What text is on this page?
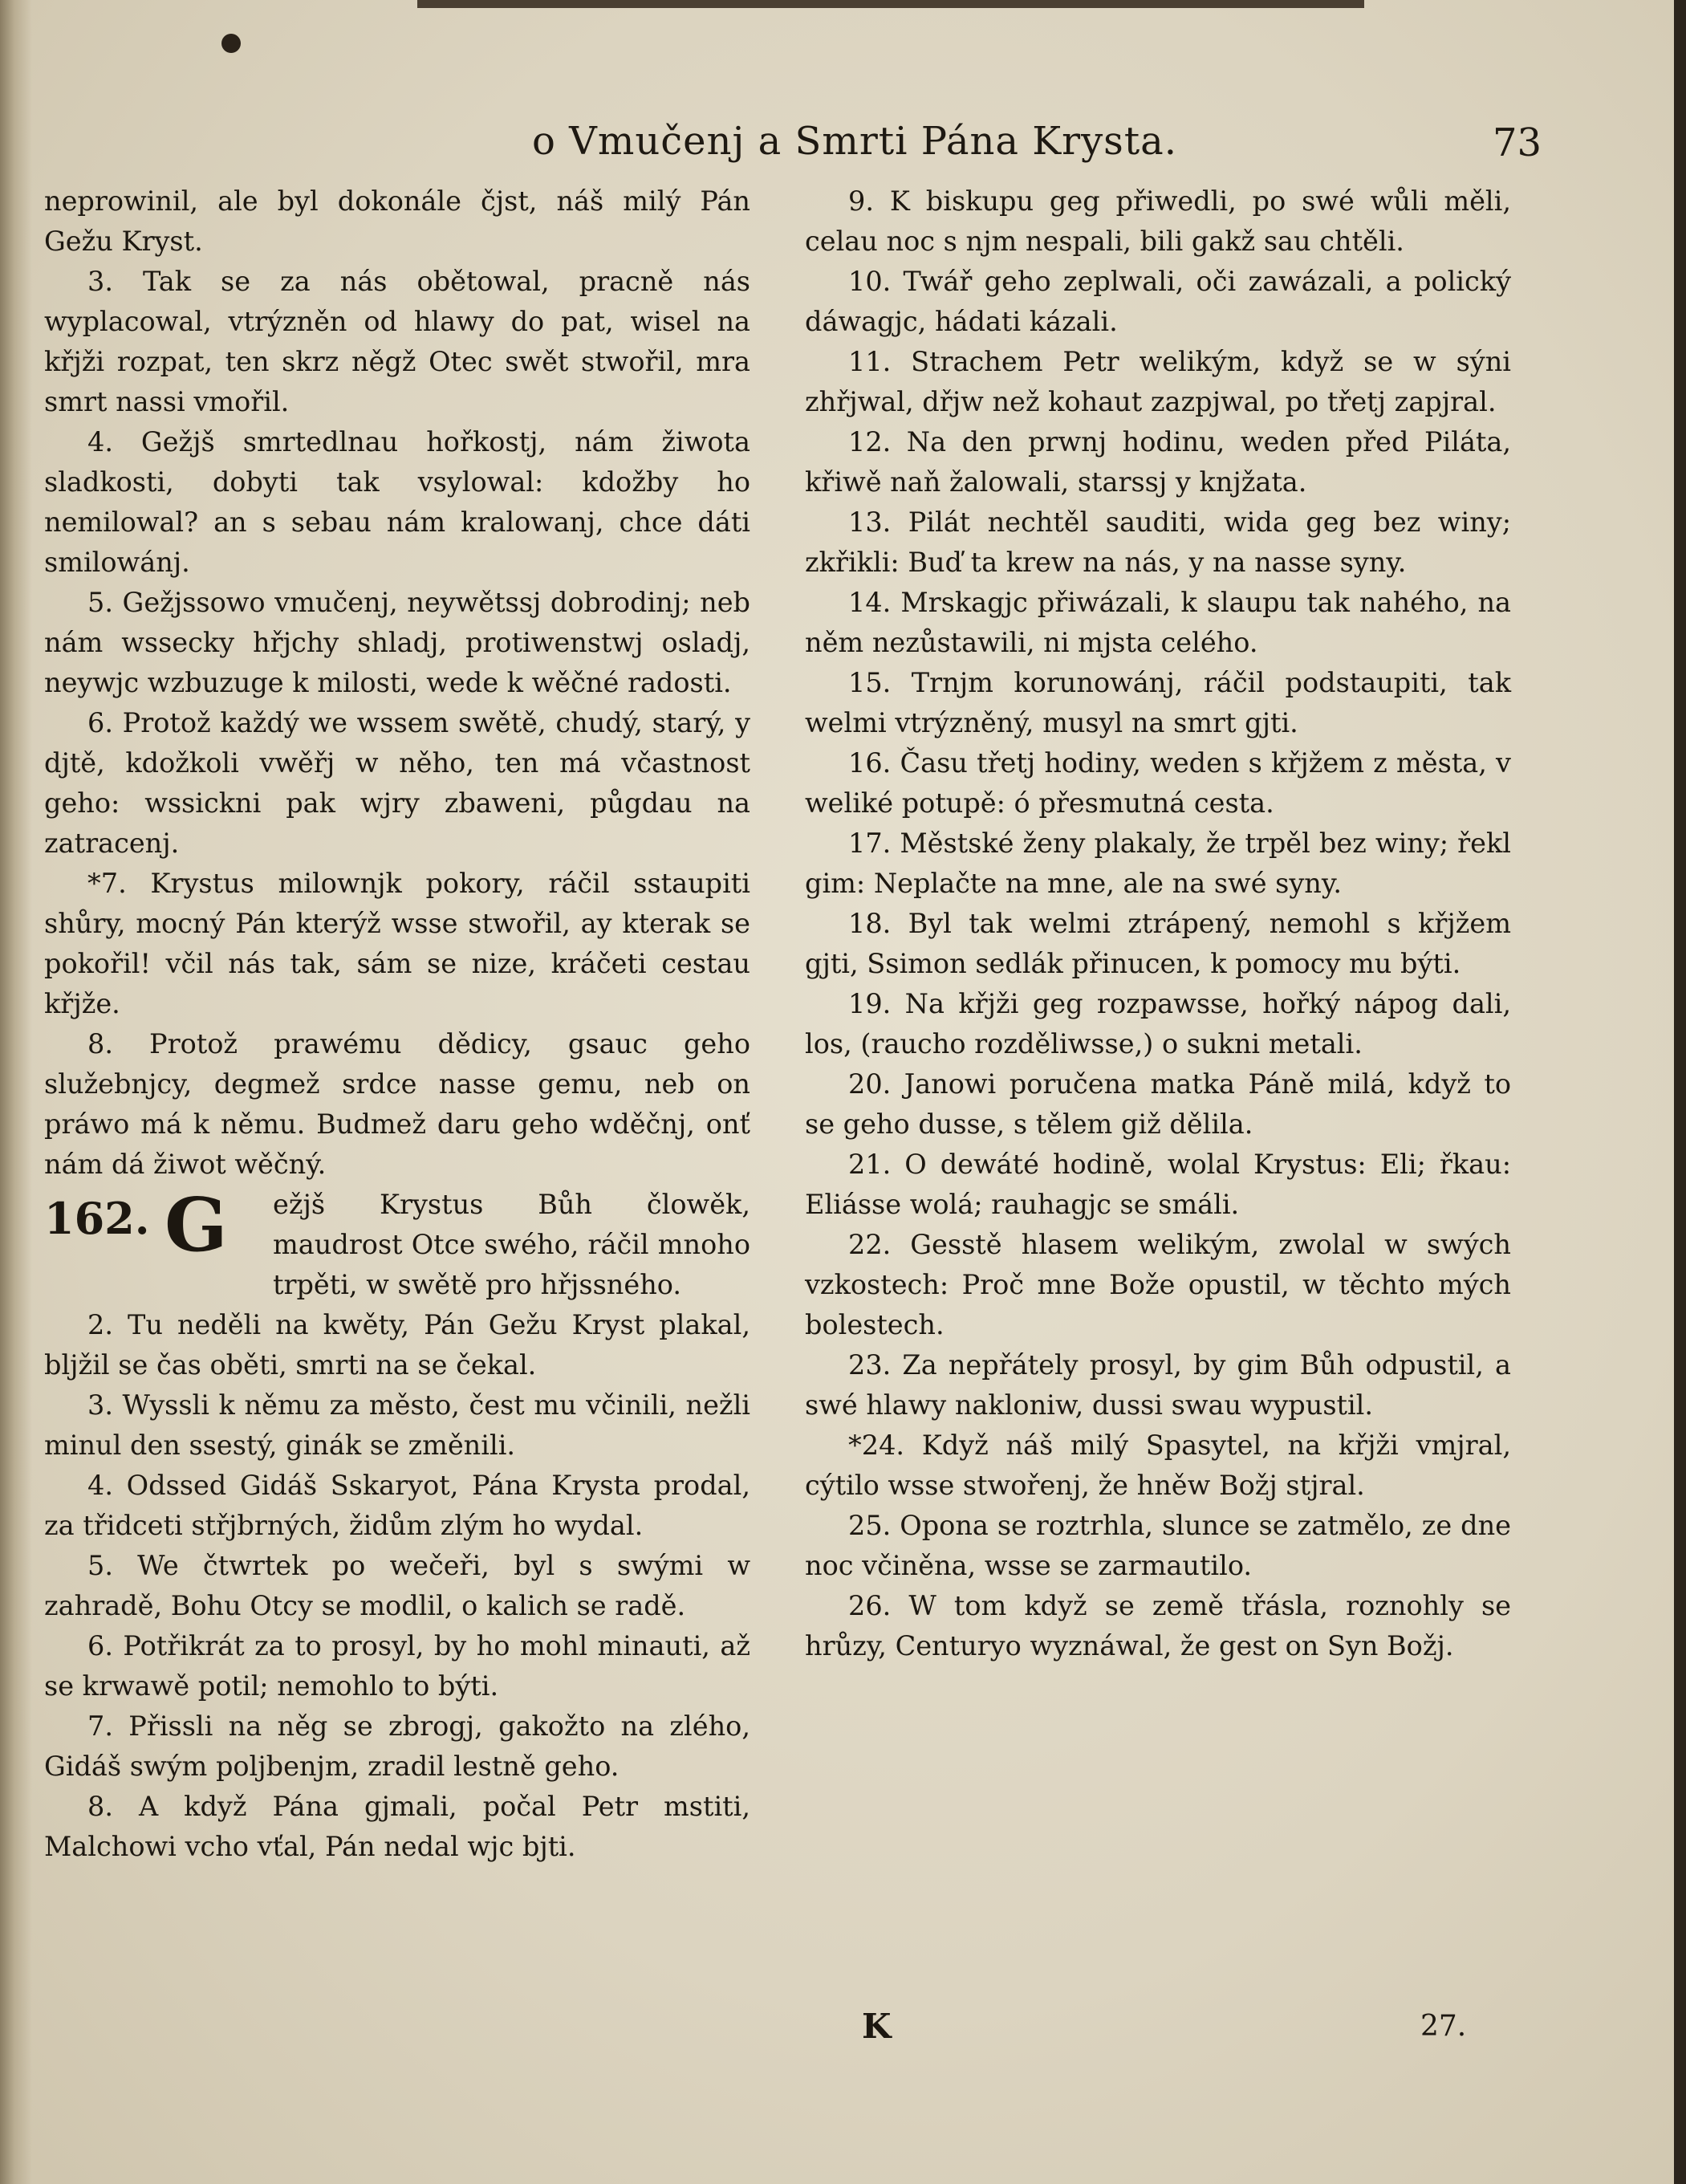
o Vmučenj a Smrti Pána Krysta.	73

neprowinil, ale byl dokonále čjst, náš milý Pán Gežu Kryst.

3. Tak se za nás obětowal, pracně nás wyplacowal, vtrýzněn od hlawy do pat, wisel na křjži rozpat, ten skrz něgž Otec swět stwořil, mra smrt nassi vmořil.

4. Gežjš smrtedlnau hořkostj, nám žiwota sladkosti, dobyti tak vsylowal: kdožby ho nemilowal? an s sebau nám kralowanj, chce dáti smilowánj.

5. Gežjssowo vmučenj, neywětssj dobrodinj; neb nám wssecky hřjchy shladj, protiwenstwj osladj, neywjc wzbuzuge k milosti, wede k wěčné radosti.

6. Protož každý we wssem swětě, chudý, starý, y djtě, kdožkoli vwěřj w něho, ten má včastnost geho: wssickni pak wjry zbaweni, půgdau na zatracenj.

*7. Krystus milownjk pokory, ráčil sstaupiti shůry, mocný Pán kterýž wsse stwořil, ay kterak se pokořil! včil nás tak, sám se nize, kráčeti cestau křjže.

8. Protož prawému dědicy, gsauc geho služebnjcy, degmež srdce nasse gemu, neb on práwo má k němu. Budmež daru geho wděčnj, onť nám dá žiwot wěčný.

162. G ežjš Krystus Bůh člowěk, maudrost Otce swého, ráčil mnoho trpěti, w swětě pro hřjssného.

2. Tu neděli na kwěty, Pán Gežu Kryst plakal, blјžil se čas oběti, smrti na se čekal.

3. Wyssli k němu za město, čest mu včinili, nežli minul den ssestý, ginák se změnili.

4. Odssed Gidáš Sskaryot, Pána Krysta prodal, za třidceti střjbrných, židům zlým ho wydal.

5. We čtwrtek po wečeři, byl s swými w zahradě, Bohu Otcy se modlil, o kalich se radě.

6. Potřikrát za to prosyl, by ho mohl minauti, až se krwawě potil; nemohlo to býti.

7. Přissli na něg se zbrogj, gakožto na zlého, Gidáš swým poljbenjm, zradil lestně geho.

8. A když Pána gjmali, počal Petr mstiti, Malchowi vcho vťal, Pán nedal wjc bjti.

9. K biskupu geg přiwedli, po swé wůli měli, celau noc s njm nespali, bili gakž sau chtěli.

10. Twář geho zeplwali, oči zawázali, a polický dáwagjc, hádati kázali.

11. Strachem Petr welikým, když se w sýni zhřjwal, dřjw než kohaut zazpjwal, po třetj zapjral.

12. Na den prwnj hodinu, weden před Piláta, křiwě naň žalowali, starssj y knjžata.

13. Pilát nechtěl sauditi, wida geg bez winy; zkřikli: Buď ta krew na nás, y na nasse syny.

14. Mrskagjc přiwázali, k slaupu tak nahého, na něm nezůstawili, ni mjsta celého.

15. Trnjm korunowánj, ráčil podstaupiti, tak welmi vtrýzněný, musyl na smrt gjti.

16. Času třetj hodiny, weden s křjžem z města, v weliké potupě: ó přesmutná cesta.

17. Městské ženy plakaly, že trpěl bez winy; řekl gim: Neplačte na mne, ale na swé syny.

18. Byl tak welmi ztrápený, nemohl s křjžem gjti, Ssimon sedlák přinucen, k pomocy mu býti.

19. Na křjži geg rozpawsse, hořký nápog dali, los, (raucho rozděliwsse,) o sukni metali.

20. Janowi poručena matka Páně milá, když to se geho dusse, s tělem giž dělila.

21. O dewáté hodině, wolal Krystus: Eli; řkau: Eliásse wolá; rauhagjc se smáli.

22. Gesstě hlasem welikým, zwolal w swých vzkostech: Proč mne Bože opustil, w těchto mých bolestech.

23. Za nepřátely prosyl, by gim Bůh odpustil, a swé hlawy nakloniw, dussi swau wypustil.

*24. Když náš milý Spasytel, na křjži vmjral, cýtilo wsse stwořenj, že hněw Božj stjral.

25. Opona se roztrhla, slunce se zatmělo, ze dne noc včiněna, wsse se zarmautilo.

26. W tom když se země třásla, roznohly se hrůzy, Centuryo wyznáwal, že gest on Syn Božj.

K	27.
